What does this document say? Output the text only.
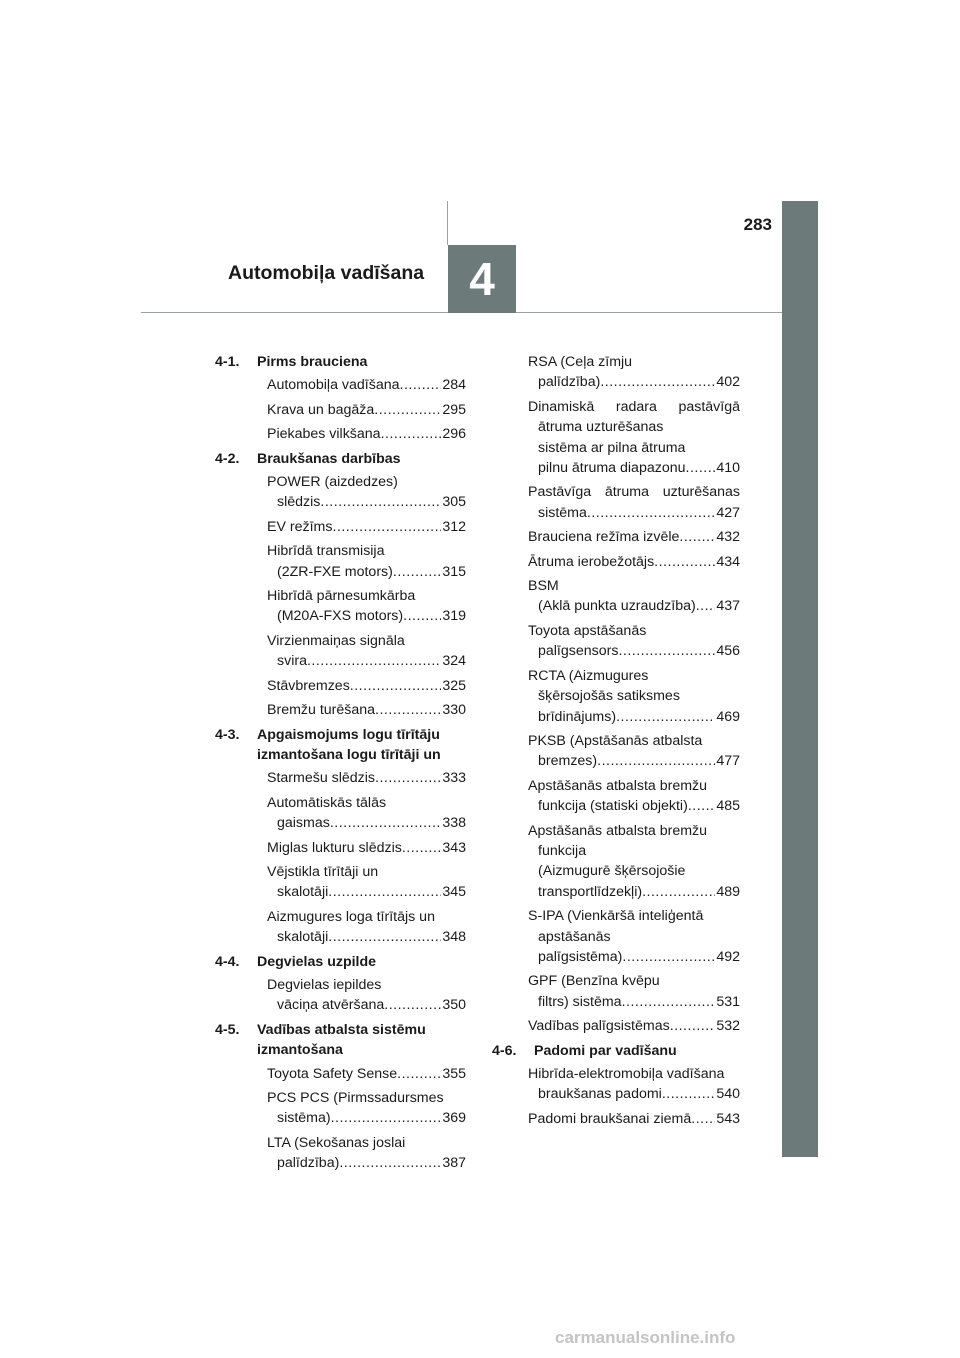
4
Automobiļa vadīšana
283
4-1. Pirms brauciena
Automobiļa vadīšana .....	284
Krava un bagāža .....	295
Piekabes vilkšana .....	296
4-2. Braukšanas darbības
POWER (aizdedzes)
slēdzis .....	305
EV režīms .....	312
Hibrīdā transmisija
(2ZR-FXE motors) .....	315
Hibrīdā pārnesumkārba
(M20A-FXS motors) .....	319
Virzienmaiņas signāla
svira .....	324
Stāvbremzes .....	325
Bremžu turēšana .....	330
4-3. Apgaismojums logu tīrītāju
izmantošana logu tīrītāji un
Starmešu slēdzis .....	333
Automātiskās tālās
gaismas .....	338
Miglas lukturu slēdzis .....	343
Vējstikla tīrītāji un
skalotāji .....	345
Aizmugures loga tīrītājs un
skalotāji .....	348
4-4. Degvielas uzpilde
Degvielas iepildes
vāciņa atvēršana .....	350
4-5. Vadības atbalsta sistēmu
izmantošana
Toyota Safety Sense .....	355
PCS PCS (Pirmssadursmes
sistēma) .....	369
LTA (Sekošanas joslai
palīdzība) .....	387
RSA (Ceļa zīmju
palīdzība) .....	402
Dinamiskā radara pastāvīgā
ātruma uzturēšanas
sistēma ar pilna ātruma
pilnu ātruma diapazonu ..... 410
Pastāvīga ātruma uzturēšanas
sistēma .....	427
Brauciena režīma izvēle .....	432
Ātruma ierobežotājs .....	434
BSM
(Aklā punkta uzraudzība) ..... 437
Toyota apstāšanās
palīgsensors .....	456
RCTA (Aizmugures
šķērsojošās satiksmes
brīdinājums) .....	469
PKSB (Apstāšanās atbalsta
bremzes) .....	477
Apstāšanās atbalsta bremžu
funkcija (statiski objekti) ..... 485
Apstāšanās atbalsta bremžu
funkcija
(Aizmugurē šķērsojošie
transportlīdzekļi) .....	489
S-IPA (Vienkāršā inteliģentā
apstāšanās
palīgsistēma) .....	492
GPF (Benzīna kvēpu
filtrs) sistēma .....	531
Vadības palīgsistēmas .....	532
4-6. Padomi par vadīšanu
Hibrīda-elektromobiļa vadīšana
braukšanas padomi .....	540
Padomi braukšanai ziemā ..... 543
carmanualsonline.info
